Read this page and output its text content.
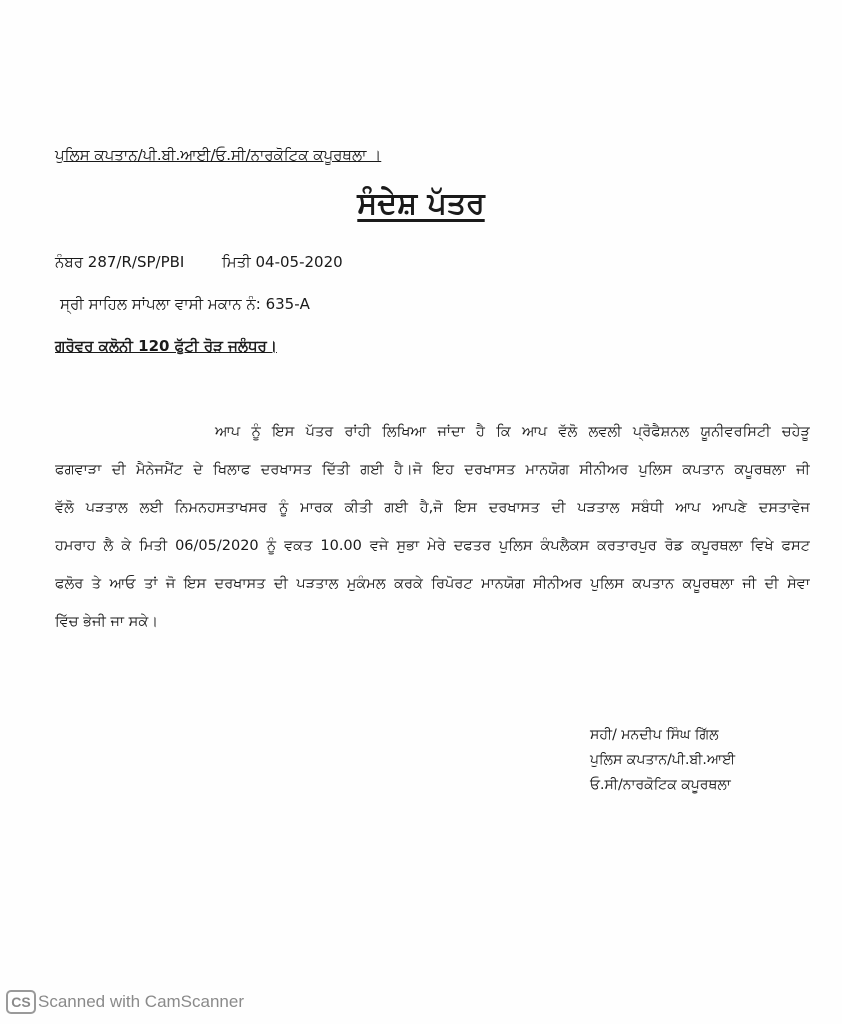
ਪੁਲਿਸ ਕਪਤਾਨ/ਪੀ.ਬੀ.ਆਈ/ਓ.ਸੀ/ਨਾਰਕੋਟਿਕ ਕਪੂਰਥਲਾ ।
ਸੰਦੇਸ਼ ਪੱਤਰ
ਨੰਬਰ 287/R/SP/PBI	ਮਿਤੀ 04-05-2020
ਸ੍ਰੀ ਸਾਹਿਲ ਸਾਂਪਲਾ ਵਾਸੀ ਮਕਾਨ ਨੰ: 635-A
ਗਰੋਵਰ ਕਲੋਨੀ 120 ਫੁੱਟੀ ਰੋੜ ਜਲੰਧਰ।
ਆਪ ਨੂੰ ਇਸ ਪੱਤਰ ਰਾਂਹੀ ਲਿਖਿਆ ਜਾਂਦਾ ਹੈ ਕਿ ਆਪ ਵੱਲੋ ਲਵਲੀ ਪ੍ਰੋਫੈਸ਼ਨਲ ਯੂਨੀਵਰਸਿਟੀ ਚਹੇੜੂ
ਫਗਵਾੜਾ ਦੀ ਮੈਨੇਜਮੈਂਟ ਦੇ ਖਿਲਾਫ ਦਰਖਾਸਤ ਦਿੱਤੀ ਗਈ ਹੈ।ਜੋ ਇਹ ਦਰਖਾਸਤ ਮਾਨਯੋਗ ਸੀਨੀਅਰ ਪੁਲਿਸ ਕਪਤਾਨ ਕਪੂਰਥਲਾ ਜੀ
ਵੱਲੋ ਪੜਤਾਲ ਲਈ ਨਿਮਨਹਸਤਾਖਸਰ ਨੂੰ ਮਾਰਕ ਕੀਤੀ ਗਈ ਹੈ,ਜੋ ਇਸ ਦਰਖਾਸਤ ਦੀ ਪੜਤਾਲ ਸਬੰਧੀ ਆਪ ਆਪਣੇ ਦਸਤਾਵੇਜ
ਹਮਰਾਹ ਲੈ ਕੇ ਮਿਤੀ 06/05/2020 ਨੂੰ ਵਕਤ 10.00 ਵਜੇ ਸੁਭਾ ਮੇਰੇ ਦਫਤਰ ਪੁਲਿਸ ਕੰਪਲੈਕਸ ਕਰਤਾਰਪੁਰ ਰੋਡ ਕਪੂਰਥਲਾ ਵਿਖੇ ਫਸਟ
ਫਲੋਰ ਤੇ ਆਓ ਤਾਂ ਜੋ ਇਸ ਦਰਖਾਸਤ ਦੀ ਪੜਤਾਲ ਮੁਕੰਮਲ ਕਰਕੇ ਰਿਪੋਰਟ ਮਾਨਯੋਗ ਸੀਨੀਅਰ ਪੁਲਿਸ ਕਪਤਾਨ ਕਪੂਰਥਲਾ ਜੀ ਦੀ ਸੇਵਾ
ਵਿੱਚ ਭੇਜੀ ਜਾ ਸਕੇ।
ਸਹੀ/ ਮਨਦੀਪ ਸਿੰਘ ਗਿੱਲ
ਪੁਲਿਸ ਕਪਤਾਨ/ਪੀ.ਬੀ.ਆਈ
ਓ.ਸੀ/ਨਾਰਕੋਟਿਕ ਕਪੂਰਥਲਾ
CS Scanned with CamScanner
